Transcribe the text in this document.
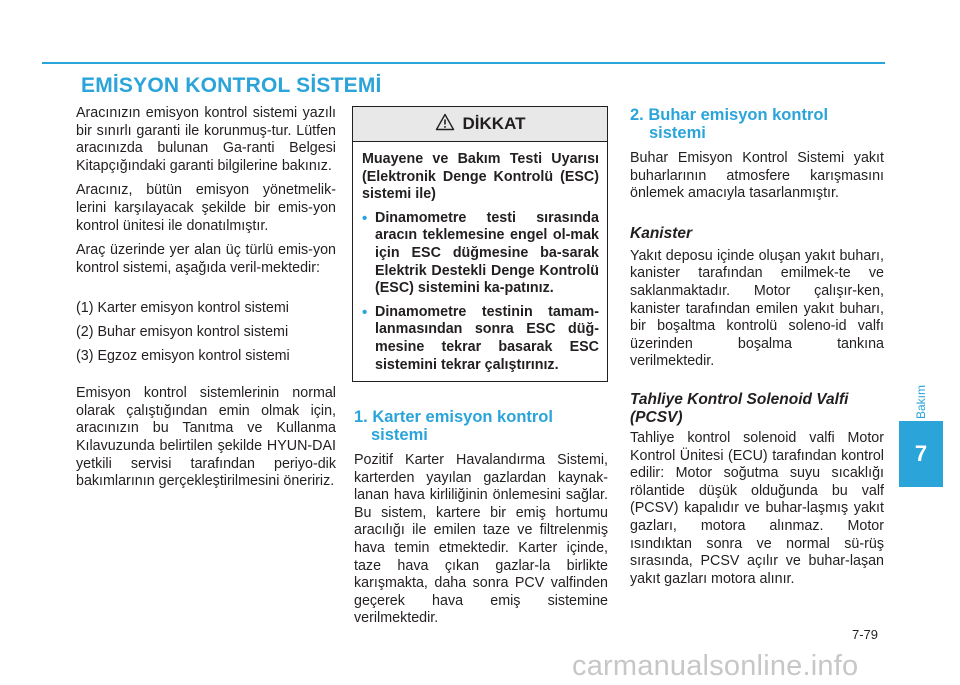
EMİSYON KONTROL SİSTEMİ

Aracınızın emisyon kontrol sistemi yazılı bir sınırlı garanti ile korunmuş-tur. Lütfen aracınızda bulunan Ga-ranti Belgesi Kitapçığındaki garanti bilgilerine bakınız.

Aracınız, bütün emisyon yönetmelik-lerini karşılayacak şekilde bir emis-yon kontrol ünitesi ile donatılmıştır.

Araç üzerinde yer alan üç türlü emis-yon kontrol sistemi, aşağıda veril-mektedir:

(1) Karter emisyon kontrol sistemi

(2) Buhar emisyon kontrol sistemi

(3) Egzoz emisyon kontrol sistemi

Emisyon kontrol sistemlerinin normal olarak çalıştığından emin olmak için, aracınızın bu Tanıtma ve Kullanma Kılavuzunda belirtilen şekilde HYUN-DAI yetkili servisi tarafından periyo-dik bakımlarının gerçekleştirilmesini öneririz.

DİKKAT

Muayene ve Bakım Testi Uyarısı (Elektronik Denge Kontrolü (ESC) sistemi ile)

• Dinamometre testi sırasında aracın teklemesine engel ol-mak için ESC düğmesine ba-sarak Elektrik Destekli Denge Kontrolü (ESC) sistemini ka-patınız.

• Dinamometre testinin tamam-lanmasından sonra ESC düğ-mesine tekrar basarak ESC sistemini tekrar çalıştırınız.

1. Karter emisyon kontrol
sistemi

Pozitif Karter Havalandırma Sistemi, karterden yayılan gazlardan kaynak-lanan hava kirliliğinin önlemesini sağlar. Bu sistem, kartere bir emiş hortumu aracılığı ile emilen taze ve filtrelenmiş hava temin etmektedir. Karter içinde, taze hava çıkan gazlar-la birlikte karışmakta, daha sonra PCV valfinden geçerek hava emiş sistemine verilmektedir.

2. Buhar emisyon kontrol
sistemi

Buhar Emisyon Kontrol Sistemi yakıt buharlarının atmosfere karışmasını önlemek amacıyla tasarlanmıştır.

Kanister

Yakıt deposu içinde oluşan yakıt buharı, kanister tarafından emilmek-te ve saklanmaktadır. Motor çalışır-ken, kanister tarafından emilen yakıt buharı, bir boşaltma kontrolü soleno-id valfı üzerinden boşalma tankına verilmektedir.

Tahliye Kontrol Solenoid Valfi
(PCSV)

Tahliye kontrol solenoid valfi Motor Kontrol Ünitesi (ECU) tarafından kontrol edilir: Motor soğutma suyu sıcaklığı rölantide düşük olduğunda bu valf (PCSV) kapalıdır ve buhar-laşmış yakıt gazları, motora alınmaz. Motor ısındıktan sonra ve normal sü-rüş sırasında, PCSV açılır ve buhar-laşan yakıt gazları motora alınır.

Bakım
7
7-79
carmanualsonline.info
